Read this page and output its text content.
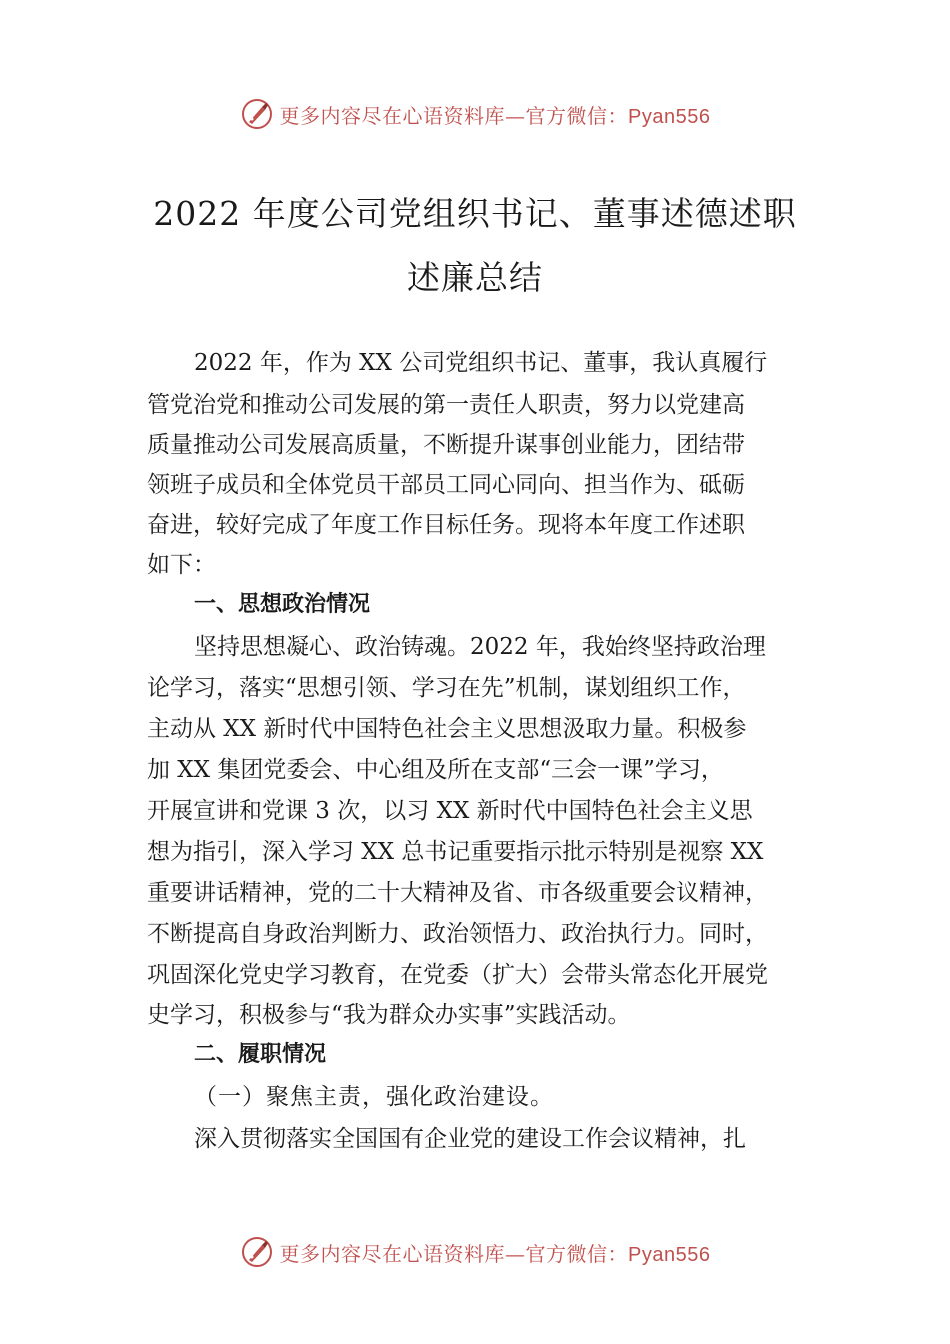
更多内容尽在心语资料库—官方微信：Pyan556
2022 年度公司党组织书记、董事述德述职
述廉总结
2022 年，作为 XX 公司党组织书记、董事，我认真履行
管党治党和推动公司发展的第一责任人职责，努力以党建高
质量推动公司发展高质量，不断提升谋事创业能力，团结带
领班子成员和全体党员干部员工同心同向、担当作为、砥砺
奋进，较好完成了年度工作目标任务。现将本年度工作述职
如下：
一、思想政治情况
坚持思想凝心、政治铸魂。2022 年，我始终坚持政治理
论学习，落实“思想引领、学习在先”机制，谋划组织工作，
主动从 XX 新时代中国特色社会主义思想汲取力量。积极参
加 XX 集团党委会、中心组及所在支部“三会一课”学习，
开展宣讲和党课 3 次，以习 XX 新时代中国特色社会主义思
想为指引，深入学习 XX 总书记重要指示批示特别是视察 XX
重要讲话精神，党的二十大精神及省、市各级重要会议精神，
不断提高自身政治判断力、政治领悟力、政治执行力。同时，
巩固深化党史学习教育，在党委（扩大）会带头常态化开展党
史学习，积极参与“我为群众办实事”实践活动。
二、履职情况
（一）聚焦主责，强化政治建设。
深入贯彻落实全国国有企业党的建设工作会议精神，扎
更多内容尽在心语资料库—官方微信：Pyan556
